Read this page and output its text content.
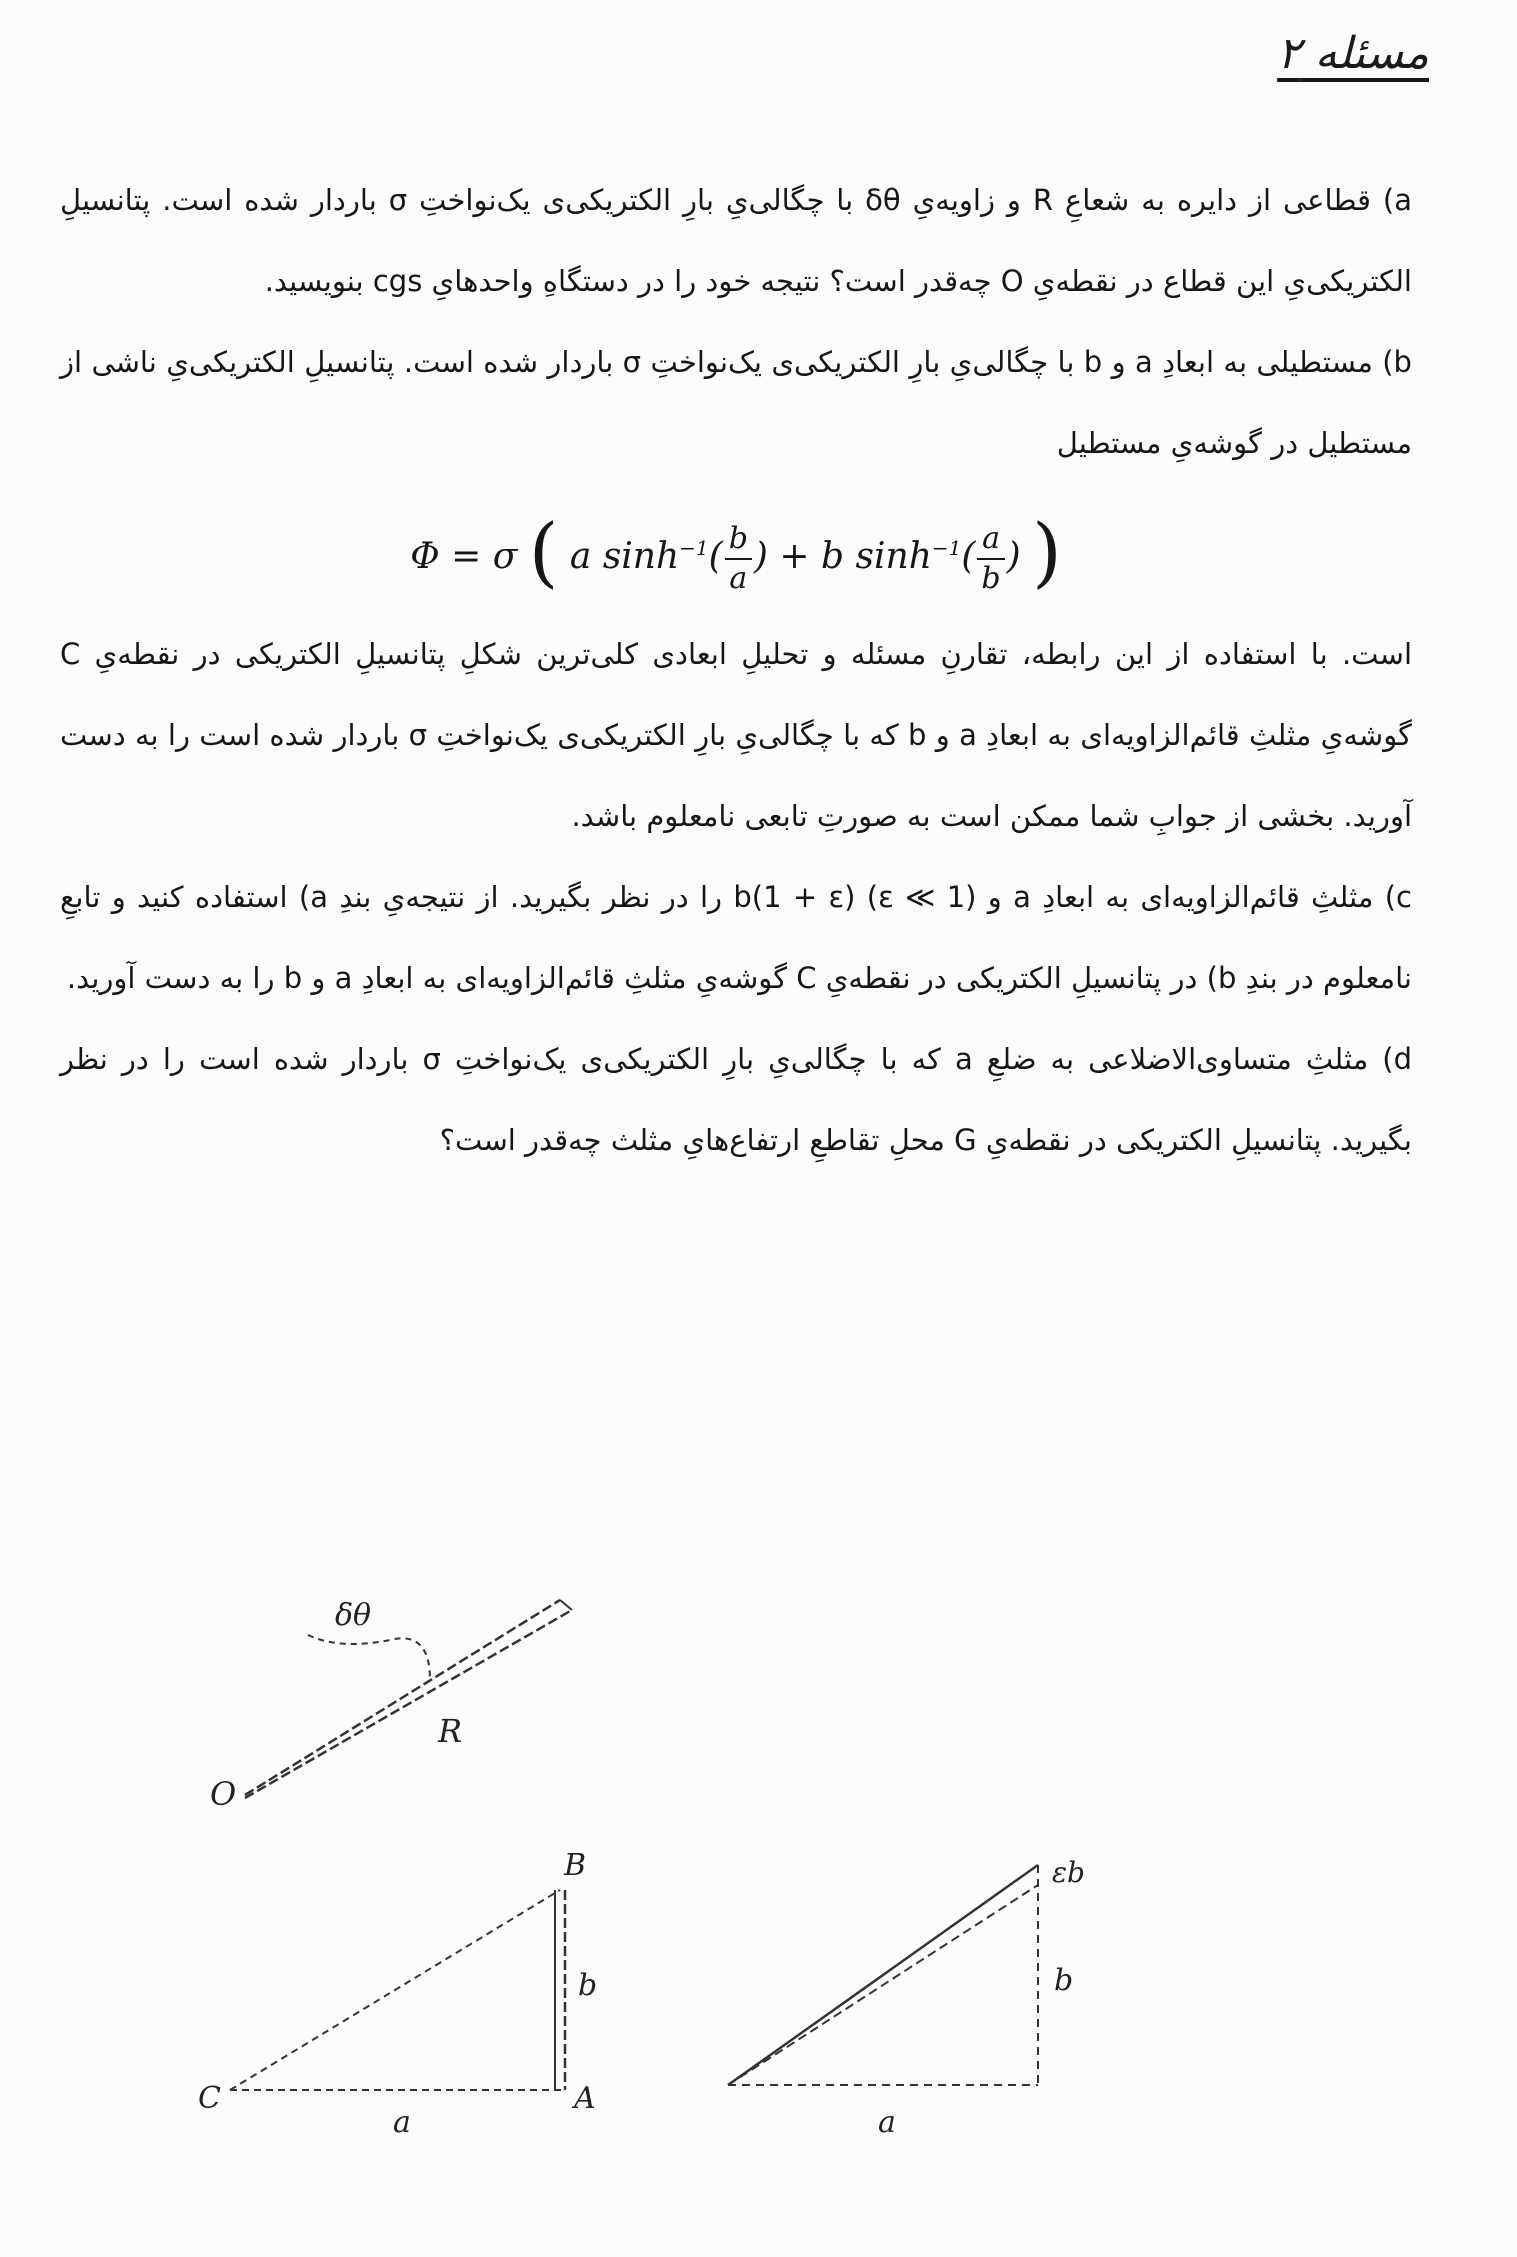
مسئله ۲

a) قطاعی از دایره به شعاعِ R و زاویه‌یِ δθ با چگالی‌یِ بارِ الکتریکی‌ی یک‌نواختِ σ باردار شده است. پتانسیلِ الکتریکی‌یِ این قطاع در نقطه‌یِ O چه‌قدر است؟ نتیجه خود را در دستگاهِ واحدهایِ cgs بنویسید.

b) مستطیلی به ابعادِ a و b با چگالی‌یِ بارِ الکتریکی‌ی یک‌نواختِ σ باردار شده است. پتانسیلِ الکتریکی‌یِ ناشی از مستطیل در گوشه‌یِ مستطیل

Φ = σ ( a $\sinh^{-1}( \frac{b}{a}$ ) + b $\sinh^{-1}( \frac{a}{b}$ ) )

است. با استفاده از این رابطه، تقارنِ مسئله و تحلیلِ ابعادی کلی‌ترین شکلِ پتانسیلِ الکتریکی در نقطه‌یِ C گوشه‌یِ مثلثِ قائم‌الزاویه‌ای به ابعادِ a و b که با چگالی‌یِ بارِ الکتریکی‌ی یک‌نواختِ σ باردار شده است را به دست آورید. بخشی از جوابِ شما ممکن است به صورتِ تابعی نامعلوم باشد.

c) مثلثِ قائم‌الزاویه‌ای به ابعادِ a و b(1 + ε) (ε ≪ 1) را در نظر بگیرید. از نتیجه‌یِ بندِ a) استفاده کنید و تابعِ نامعلوم در بندِ b) در پتانسیلِ الکتریکی در نقطه‌یِ C گوشه‌یِ مثلثِ قائم‌الزاویه‌ای به ابعادِ a و b را به دست آورید.

d) مثلثِ متساوی‌الاضلاعی به ضلعِ a که با چگالی‌یِ بارِ الکتریکی‌ی یک‌نواختِ σ باردار شده است را در نظر بگیرید. پتانسیلِ الکتریکی در نقطه‌یِ G محلِ تقاطعِ ارتفاع‌هایِ مثلث چه‌قدر است؟

δθ
R
O
B
C	A
b
a
εb
b
a
